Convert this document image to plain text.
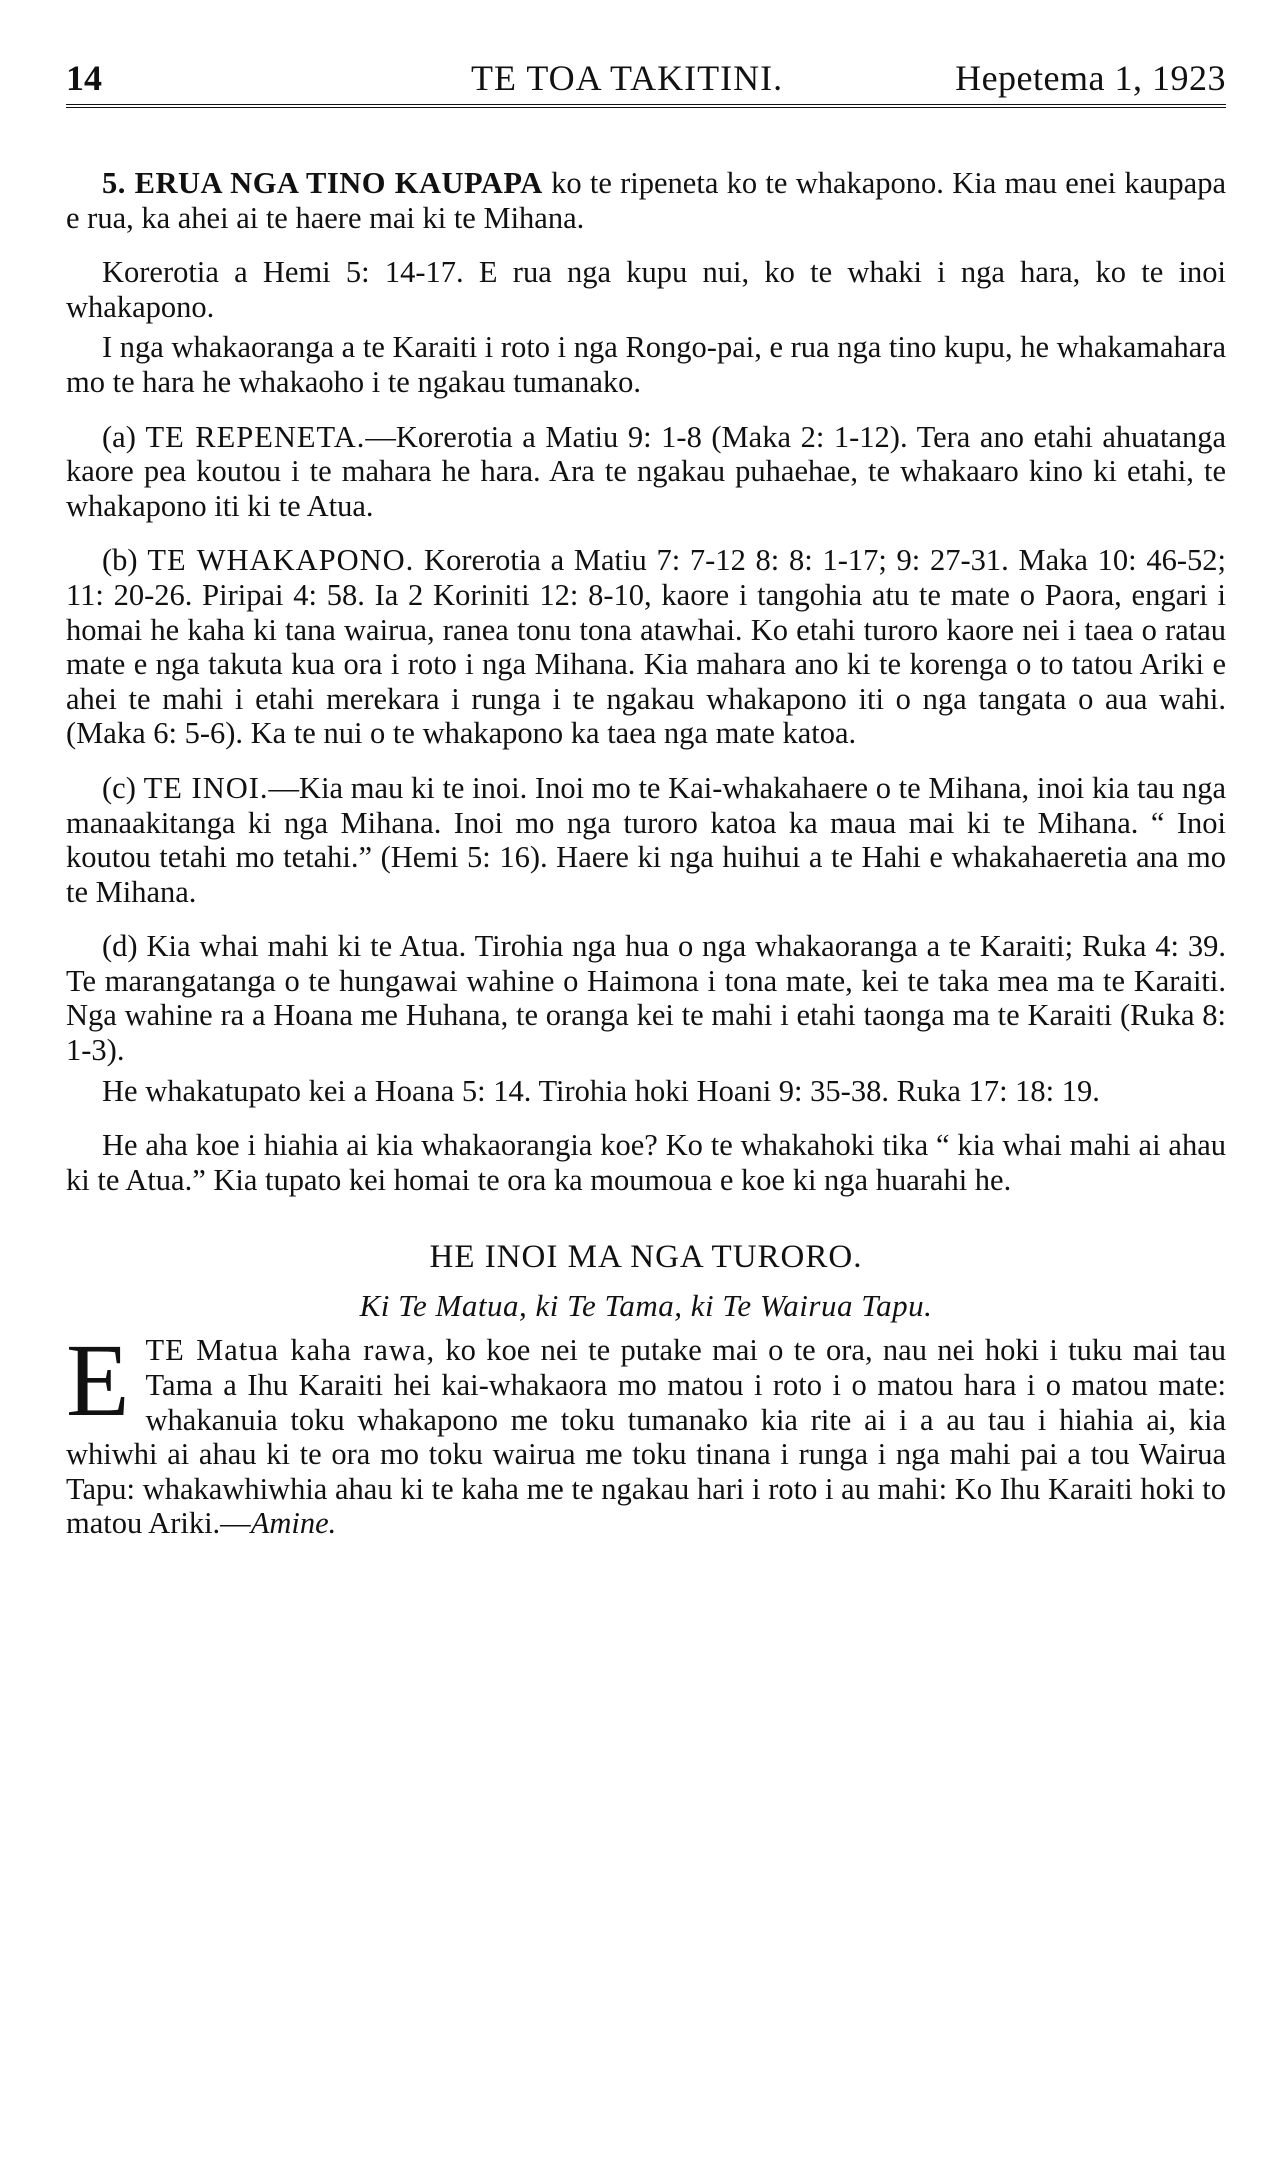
14	TE TOA TAKITINI.	Hepetema 1, 1923

5. ERUA NGA TINO KAUPAPA ko te ripeneta ko te whakapono. Kia mau enei kaupapa e rua, ka ahei ai te haere mai ki te Mihana.

Korerotia a Hemi 5: 14-17. E rua nga kupu nui, ko te whaki i nga hara, ko te inoi whakapono.

I nga whakaoranga a te Karaiti i roto i nga Rongo-pai, e rua nga tino kupu, he whakamahara mo te hara he whakaoho i te ngakau tumanako.

(a) TE REPENETA.—Korerotia a Matiu 9: 1-8 (Maka 2: 1-12). Tera ano etahi ahuatanga kaore pea koutou i te mahara he hara. Ara te ngakau puhaehae, te whakaaro kino ki etahi, te whakapono iti ki te Atua.

(b) TE WHAKAPONO. Korerotia a Matiu 7: 7-12 8: 8: 1-17; 9: 27-31. Maka 10: 46-52; 11: 20-26. Piripai 4: 58. Ia 2 Koriniti 12: 8-10, kaore i tangohia atu te mate o Paora, engari i homai he kaha ki tana wairua, ranea tonu tona atawhai. Ko etahi turoro kaore nei i taea o ratau mate e nga takuta kua ora i roto i nga Mihana. Kia mahara ano ki te korenga o to tatou Ariki e ahei te mahi i etahi merekara i runga i te ngakau whakapono iti o nga tangata o aua wahi. (Maka 6: 5-6). Ka te nui o te whakapono ka taea nga mate katoa.

(c) TE INOI.—Kia mau ki te inoi. Inoi mo te Kai-whakahaere o te Mihana, inoi kia tau nga manaakitanga ki nga Mihana. Inoi mo nga turoro katoa ka maua mai ki te Mihana. “ Inoi koutou tetahi mo tetahi.” (Hemi 5: 16). Haere ki nga huihui a te Hahi e whakahaeretia ana mo te Mihana.

(d) Kia whai mahi ki te Atua. Tirohia nga hua o nga whakaoranga a te Karaiti; Ruka 4: 39. Te marangatanga o te hungawai wahine o Haimona i tona mate, kei te taka mea ma te Karaiti. Nga wahine ra a Hoana me Huhana, te oranga kei te mahi i etahi taonga ma te Karaiti (Ruka 8: 1-3).

He whakatupato kei a Hoana 5: 14. Tirohia hoki Hoani 9: 35-38. Ruka 17: 18: 19.

He aha koe i hiahia ai kia whakaorangia koe? Ko te whakahoki tika “ kia whai mahi ai ahau ki te Atua.” Kia tupato kei homai te ora ka moumoua e koe ki nga huarahi he.

HE INOI MA NGA TURORO.
Ki Te Matua, ki Te Tama, ki Te Wairua Tapu.
ETE Matua kaha rawa, ko koe nei te putake mai o te ora, nau nei hoki i tuku mai tau Tama a Ihu Karaiti hei kai-whakaora mo matou i roto i o matou hara i o matou mate: whakanuia toku whakapono me toku tumanako kia rite ai i a au tau i hiahia ai, kia whiwhi ai ahau ki te ora mo toku wairua me toku tinana i runga i nga mahi pai a tou Wairua Tapu: whakawhiwhia ahau ki te kaha me te ngakau hari i roto i au mahi: Ko Ihu Karaiti hoki to matou Ariki.—Amine.
